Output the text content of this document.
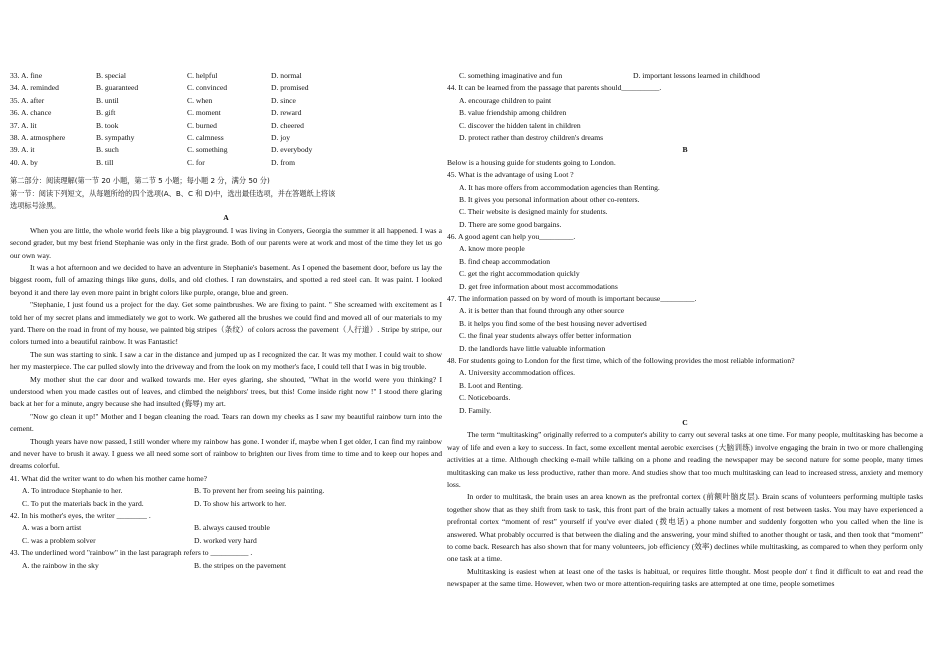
33. A. fine	B. special	C. helpful	D. normal
34. A. reminded	B. guaranteed	C. convinced	D. promised
35. A. after	B. until	C. when	D. since
36. A. chance	B. gift	C. moment	D. reward
37. A. lit	B. took	C. burned	D. cheered
38. A. atmosphere	B. sympathy	C. calmness	D. joy
39. A. it	B. such	C. something	D. everybody
40. A. by	B. till	C. for	D. from
第二部分：阅读理解(第一节 20 小题，第二节 5 小题；每小题 2 分，满分 50 分)
第一节：阅读下列短文，从每题所给的四个选项(A、B、C 和 D)中，选出最佳选项，并在答题纸上将该
选项标号涂黑。
A

When you are little, the whole world feels like a big playground. I was living in Conyers, Georgia the summer it all happened. I was a second grader, but my best friend Stephanie was only in the first grade. Both of our parents were at work and most of the time they let us go our own way.

It was a hot afternoon and we decided to have an adventure in Stephanie's basement. As I opened the basement door, before us lay the biggest room, full of amazing things like guns, dolls, and old clothes. I ran downstairs, and spotted a red steel can. It was paint. I looked beyond it and there lay even more paint in bright colors like purple, orange, blue and green.

"Stephanie, I just found us a project for the day. Get some paintbrushes. We are fixing to paint. " She screamed with excitement as I told her of my secret plans and immediately we got to work. We gathered all the brushes we could find and moved all of our materials to my yard. There on the road in front of my house, we painted big stripes（条纹）of colors across the pavement（人行道）. Stripe by stripe, our colors turned into a beautiful rainbow. It was Fantastic!

The sun was starting to sink. I saw a car in the distance and jumped up as I recognized the car. It was my mother. I could wait to show her my masterpiece. The car pulled slowly into the driveway and from the look on my mother's face, I could tell that I was in big trouble.

My mother shut the car door and walked towards me. Her eyes glaring, she shouted, "What in the world were you thinking? I understood when you made castles out of leaves, and climbed the neighbors' trees, but this! Come inside right now !" I stood there glaring back at her for a minute, angry because she had insulted (侮辱) my art.

"Now go clean it up!" Mother and I began cleaning the road. Tears ran down my cheeks as I saw my beautiful rainbow turn into the cement.

Though years have now passed, I still wonder where my rainbow has gone. I wonder if, maybe when I get older, I can find my rainbow and never have to brush it away. I guess we all need some sort of rainbow to brighten our lives from time to time and to keep our hopes and dreams colorful.

41. What did the writer want to do when his mother came home?
A. To introduce Stephanie to her.	B. To prevent her from seeing his painting.
C. To put the materials back in the yard.	D. To show his artwork to her.
42. In his mother's eyes, the writer ________ .
A. was a born artist	B. always caused trouble
C. was a problem solver	D. worked very hard
43. The underlined word "rainbow" in the last paragraph refers to __________ .
A. the rainbow in the sky	B. the stripes on the pavement
C. something imaginative and fun	D. important lessons learned in childhood
44. It can be learned from the passage that parents should__________.
A. encourage children to paint
B. value friendship among children
C. discover the hidden talent in children
D. protect rather than destroy children's dreams
B
Below is a housing guide for students going to London.
45. What is the advantage of using Loot ?
A. It has more offers from accommodation agencies than Renting.
B. It gives you personal information about other co-renters.
C. Their website is designed mainly for students.
D. There are some good bargains.
46. A good agent can help you_________.
A. know more people
B. find cheap accommodation
C. get the right accommodation quickly
D. get free information about most accommodations
47. The information passed on by word of mouth is important because_________.
A. it is better than that found through any other source
B. it helps you find some of the best housing never advertised
C. the final year students always offer better information
D. the landlords have little valuable information
48. For students going to London for the first time, which of the following provides the most reliable information?
A. University accommodation offices.
B. Loot and Renting.
C. Noticeboards.
D. Family.
C

The term “multitasking” originally referred to a computer's ability to carry out several tasks at one time. For many people, multitasking has become a way of life and even a key to success. In fact, some excellent mental aerobic exercises (大脑训练) involve engaging the brain in two or more challenging activities at a time. Although checking e-mail while talking on a phone and reading the newspaper may be second nature for some people, many times multitasking can make us less productive, rather than more. And studies show that too much multitasking can lead to increased stress, anxiety and memory loss.

In order to multitask, the brain uses an area known as the prefrontal cortex (前额叶脑皮层). Brain scans of volunteers performing multiple tasks together show that as they shift from task to task, this front part of the brain actually takes a moment of rest between tasks. You may have experienced a prefrontal cortex “moment of rest” yourself if you've ever dialed (拨电话) a phone number and suddenly forgotten who you called when the line is answered. What probably occurred is that between the dialing and the answering, your mind shifted to another thought or task, and then took that “moment” to come back. Research has also shown that for many volunteers, job efficiency (效率) declines while multitasking, as compared to when they perform only one task at a time.

Multitasking is easiest when at least one of the tasks is habitual, or requires little thought. Most people don' t find it difficult to eat and read the newspaper at the same time. However, when two or more attention-requiring tasks are attempted at one time, people sometimes
